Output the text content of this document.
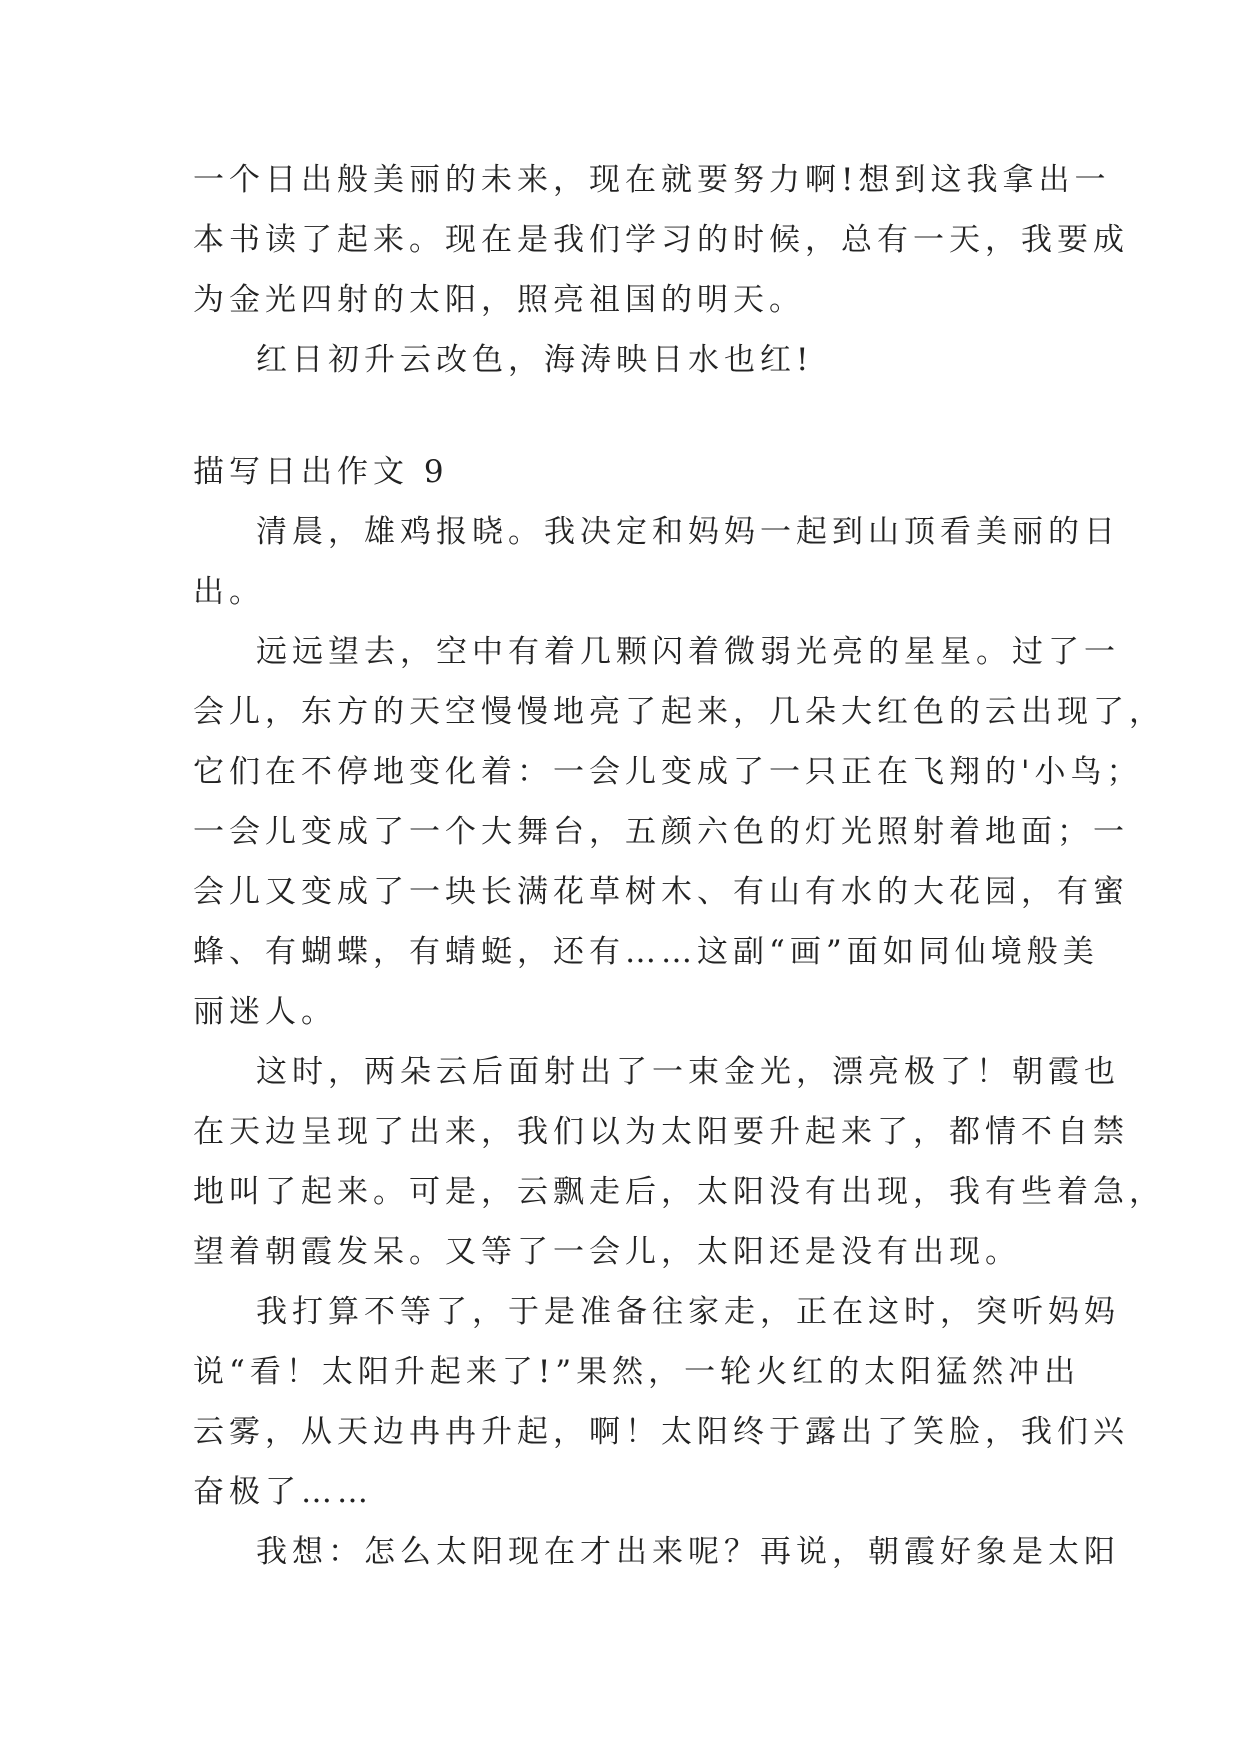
一个日出般美丽的未来，现在就要努力啊!想到这我拿出一
本书读了起来。现在是我们学习的时候，总有一天，我要成
为金光四射的太阳，照亮祖国的明天。
红日初升云改色，海涛映日水也红!
描写日出作文 9
清晨，雄鸡报晓。我决定和妈妈一起到山顶看美丽的日
出。
远远望去，空中有着几颗闪着微弱光亮的星星。过了一
会儿，东方的天空慢慢地亮了起来，几朵大红色的云出现了，
它们在不停地变化着：一会儿变成了一只正在飞翔的'小鸟；
一会儿变成了一个大舞台，五颜六色的灯光照射着地面；一
会儿又变成了一块长满花草树木、有山有水的大花园，有蜜
蜂、有蝴蝶，有蜻蜓，还有……这副“画”面如同仙境般美
丽迷人。
这时，两朵云后面射出了一束金光，漂亮极了！朝霞也
在天边呈现了出来，我们以为太阳要升起来了，都情不自禁
地叫了起来。可是，云飘走后，太阳没有出现，我有些着急，
望着朝霞发呆。又等了一会儿，太阳还是没有出现。
我打算不等了，于是准备往家走，正在这时，突听妈妈
说“看！太阳升起来了!”果然，一轮火红的太阳猛然冲出
云雾，从天边冉冉升起，啊！太阳终于露出了笑脸，我们兴
奋极了……
我想：怎么太阳现在才出来呢？再说，朝霞好象是太阳
